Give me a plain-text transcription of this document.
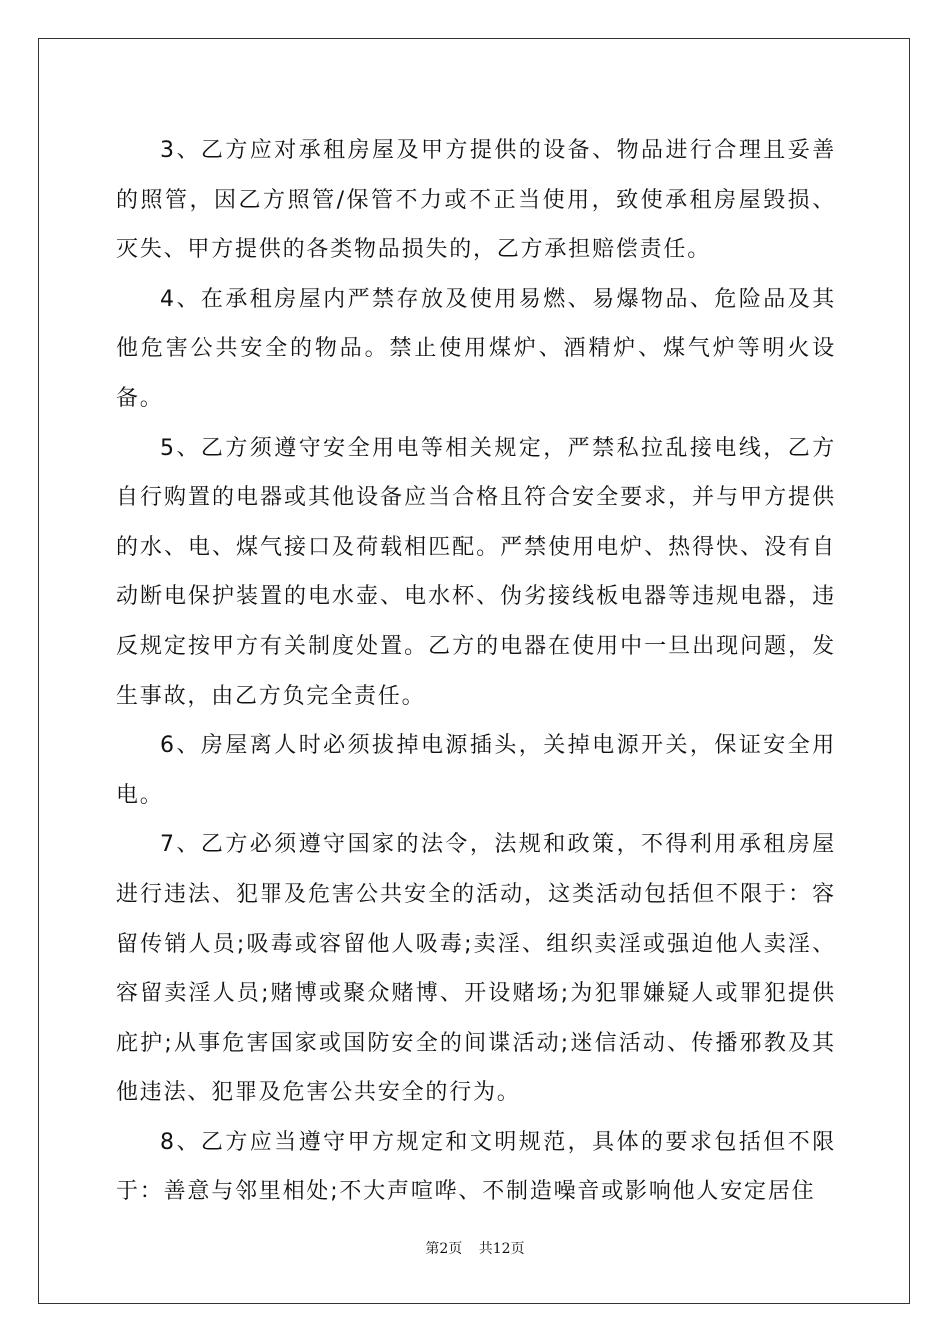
3、乙方应对承租房屋及甲方提供的设备、物品进行合理且妥善的照管，因乙方照管/保管不力或不正当使用，致使承租房屋毁损、灭失、甲方提供的各类物品损失的，乙方承担赔偿责任。

4、在承租房屋内严禁存放及使用易燃、易爆物品、危险品及其他危害公共安全的物品。禁止使用煤炉、酒精炉、煤气炉等明火设备。

5、乙方须遵守安全用电等相关规定，严禁私拉乱接电线，乙方自行购置的电器或其他设备应当合格且符合安全要求，并与甲方提供的水、电、煤气接口及荷载相匹配。严禁使用电炉、热得快、没有自动断电保护装置的电水壶、电水杯、伪劣接线板电器等违规电器，违反规定按甲方有关制度处置。乙方的电器在使用中一旦出现问题，发生事故，由乙方负完全责任。

6、房屋离人时必须拔掉电源插头，关掉电源开关，保证安全用电。

7、乙方必须遵守国家的法令，法规和政策，不得利用承租房屋进行违法、犯罪及危害公共安全的活动，这类活动包括但不限于：容留传销人员;吸毒或容留他人吸毒;卖淫、组织卖淫或强迫他人卖淫、容留卖淫人员;赌博或聚众赌博、开设赌场;为犯罪嫌疑人或罪犯提供庇护;从事危害国家或国防安全的间谍活动;迷信活动、传播邪教及其他违法、犯罪及危害公共安全的行为。

8、乙方应当遵守甲方规定和文明规范，具体的要求包括但不限于：善意与邻里相处;不大声喧哗、不制造噪音或影响他人安定居住

第2页 共12页
